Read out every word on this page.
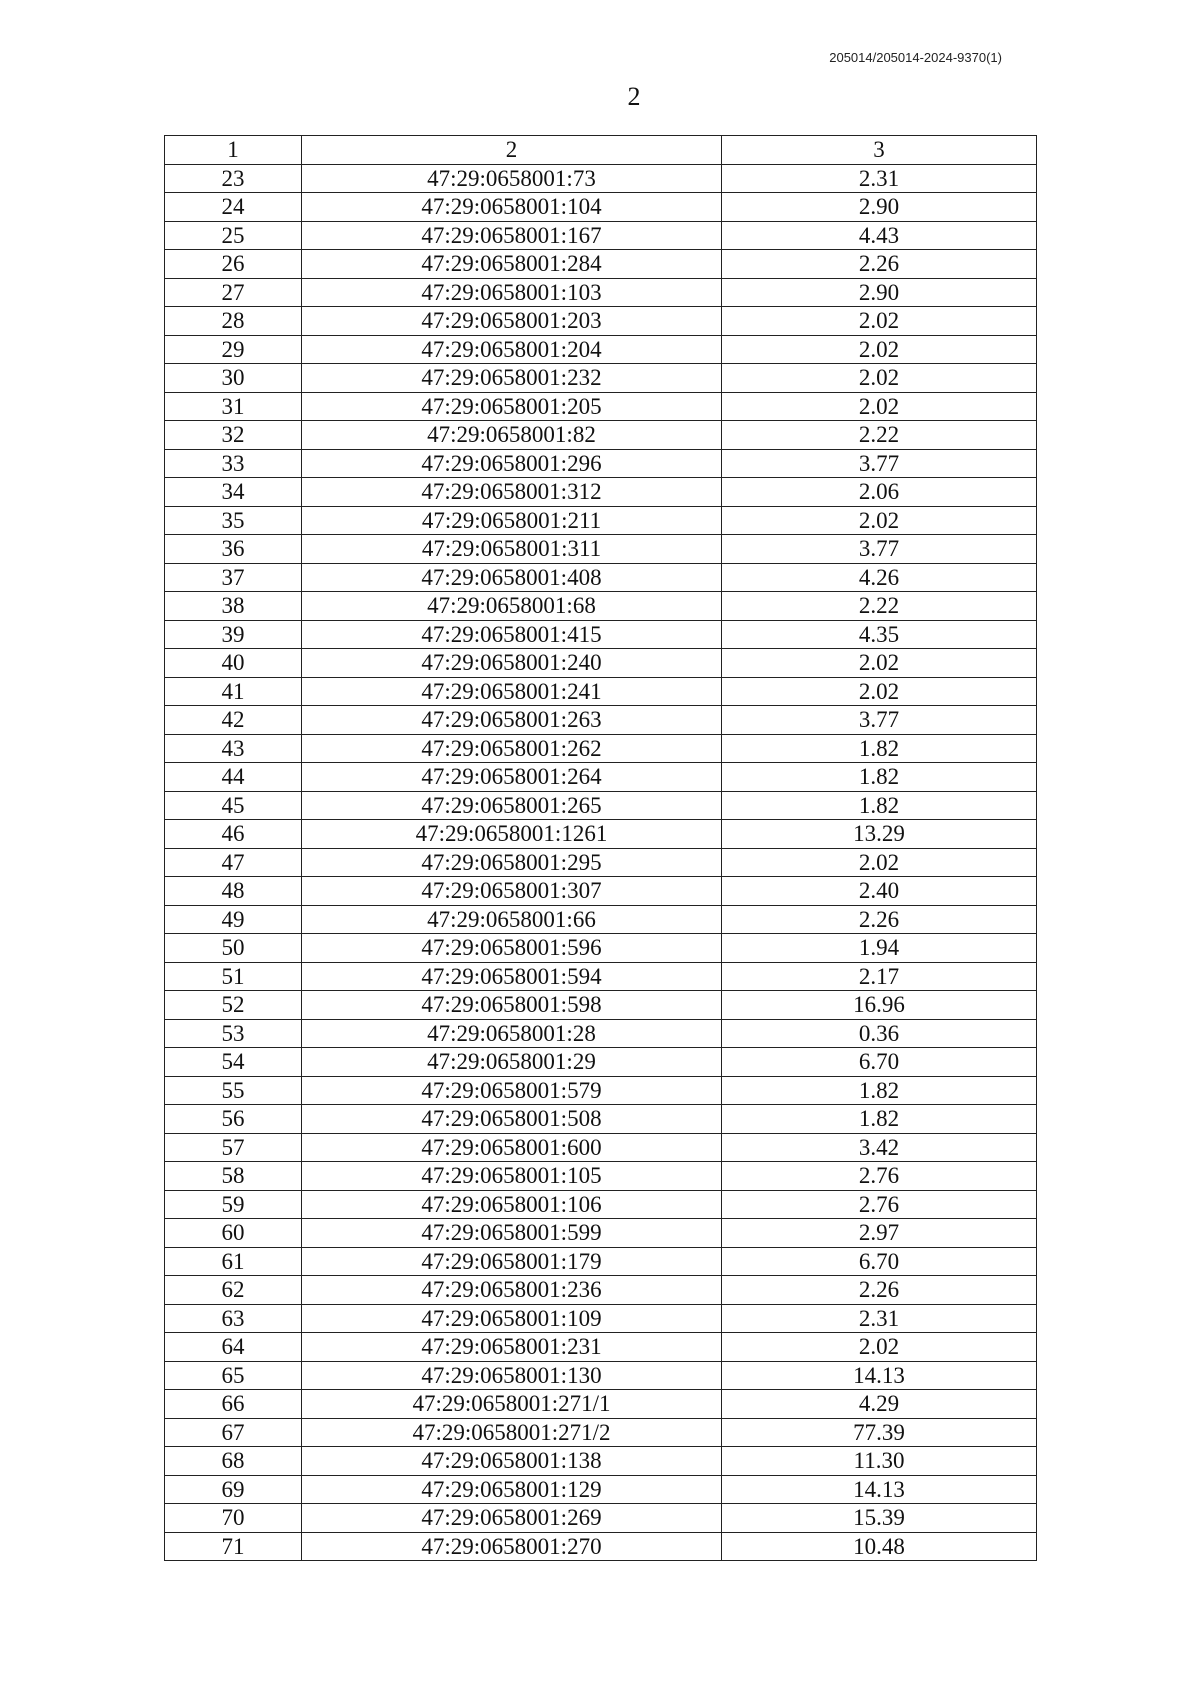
205014/205014-2024-9370(1)
2
1	2	3
23	47:29:0658001:73	2.31
24	47:29:0658001:104	2.90
25	47:29:0658001:167	4.43
26	47:29:0658001:284	2.26
27	47:29:0658001:103	2.90
28	47:29:0658001:203	2.02
29	47:29:0658001:204	2.02
30	47:29:0658001:232	2.02
31	47:29:0658001:205	2.02
32	47:29:0658001:82	2.22
33	47:29:0658001:296	3.77
34	47:29:0658001:312	2.06
35	47:29:0658001:211	2.02
36	47:29:0658001:311	3.77
37	47:29:0658001:408	4.26
38	47:29:0658001:68	2.22
39	47:29:0658001:415	4.35
40	47:29:0658001:240	2.02
41	47:29:0658001:241	2.02
42	47:29:0658001:263	3.77
43	47:29:0658001:262	1.82
44	47:29:0658001:264	1.82
45	47:29:0658001:265	1.82
46	47:29:0658001:1261	13.29
47	47:29:0658001:295	2.02
48	47:29:0658001:307	2.40
49	47:29:0658001:66	2.26
50	47:29:0658001:596	1.94
51	47:29:0658001:594	2.17
52	47:29:0658001:598	16.96
53	47:29:0658001:28	0.36
54	47:29:0658001:29	6.70
55	47:29:0658001:579	1.82
56	47:29:0658001:508	1.82
57	47:29:0658001:600	3.42
58	47:29:0658001:105	2.76
59	47:29:0658001:106	2.76
60	47:29:0658001:599	2.97
61	47:29:0658001:179	6.70
62	47:29:0658001:236	2.26
63	47:29:0658001:109	2.31
64	47:29:0658001:231	2.02
65	47:29:0658001:130	14.13
66	47:29:0658001:271/1	4.29
67	47:29:0658001:271/2	77.39
68	47:29:0658001:138	11.30
69	47:29:0658001:129	14.13
70	47:29:0658001:269	15.39
71	47:29:0658001:270	10.48
